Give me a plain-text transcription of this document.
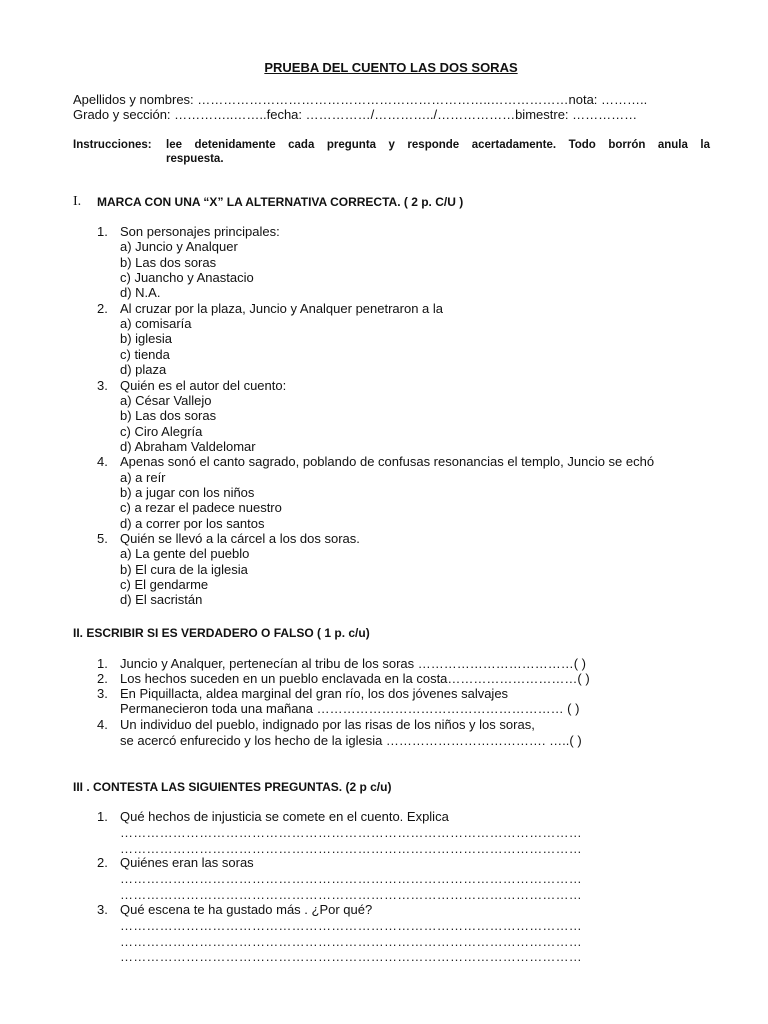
PRUEBA DEL CUENTO LAS DOS SORAS
Apellidos y nombres: …………………………………………………………..………………nota: ………..
Grado y sección: …………..……..fecha: ……………/…………../………………bimestre: ……………
Instrucciones: lee detenidamente cada pregunta y responde acertadamente. Todo borrón anula la
respuesta.
I. MARCA CON UNA “X” LA ALTERNATIVA CORRECTA. ( 2 p. C/U )
1. Son personajes principales:
a) Juncio y Analquer
b) Las dos soras
c) Juancho y Anastacio
d) N.A.
2. Al cruzar por la plaza, Juncio y Analquer penetraron a la
a) comisaría
b) iglesia
c) tienda
d) plaza
3. Quién es el autor del cuento:
a) César Vallejo
b) Las dos soras
c) Ciro Alegría
d) Abraham Valdelomar
4. Apenas sonó el canto sagrado, poblando de confusas resonancias el templo, Juncio se echó
a) a reír
b) a jugar con los niños
c) a rezar el padece nuestro
d) a correr por los santos
5. Quién se llevó a la cárcel a los dos soras.
a) La gente del pueblo
b) El cura de la iglesia
c) El gendarme
d) El sacristán
II. ESCRIBIR SI ES VERDADERO O FALSO ( 1 p. c/u)
1. Juncio y Analquer, pertenecían al tribu de los soras ………………………………( )
2. Los hechos suceden en un pueblo enclavada en la costa…………………………( )
3. En Piquillacta, aldea marginal del gran río, los dos jóvenes salvajes
Permanecieron toda una mañana ………………………………………………… ( )
4. Un individuo del pueblo, indignado por las risas de los niños y los soras,
se acercó enfurecido y los hecho de la iglesia ………………………………. …..( )
III . CONTESTA LAS SIGUIENTES PREGUNTAS. (2 p c/u)
1. Qué hechos de injusticia se comete en el cuento. Explica
……………………………………………………………………………………………
……………………………………………………………………………………………
2. Quiénes eran las soras
……………………………………………………………………………………………
……………………………………………………………………………………………
3. Qué escena te ha gustado más . ¿Por qué?
……………………………………………………………………………………………
……………………………………………………………………………………………
……………………………………………………………………………………………
